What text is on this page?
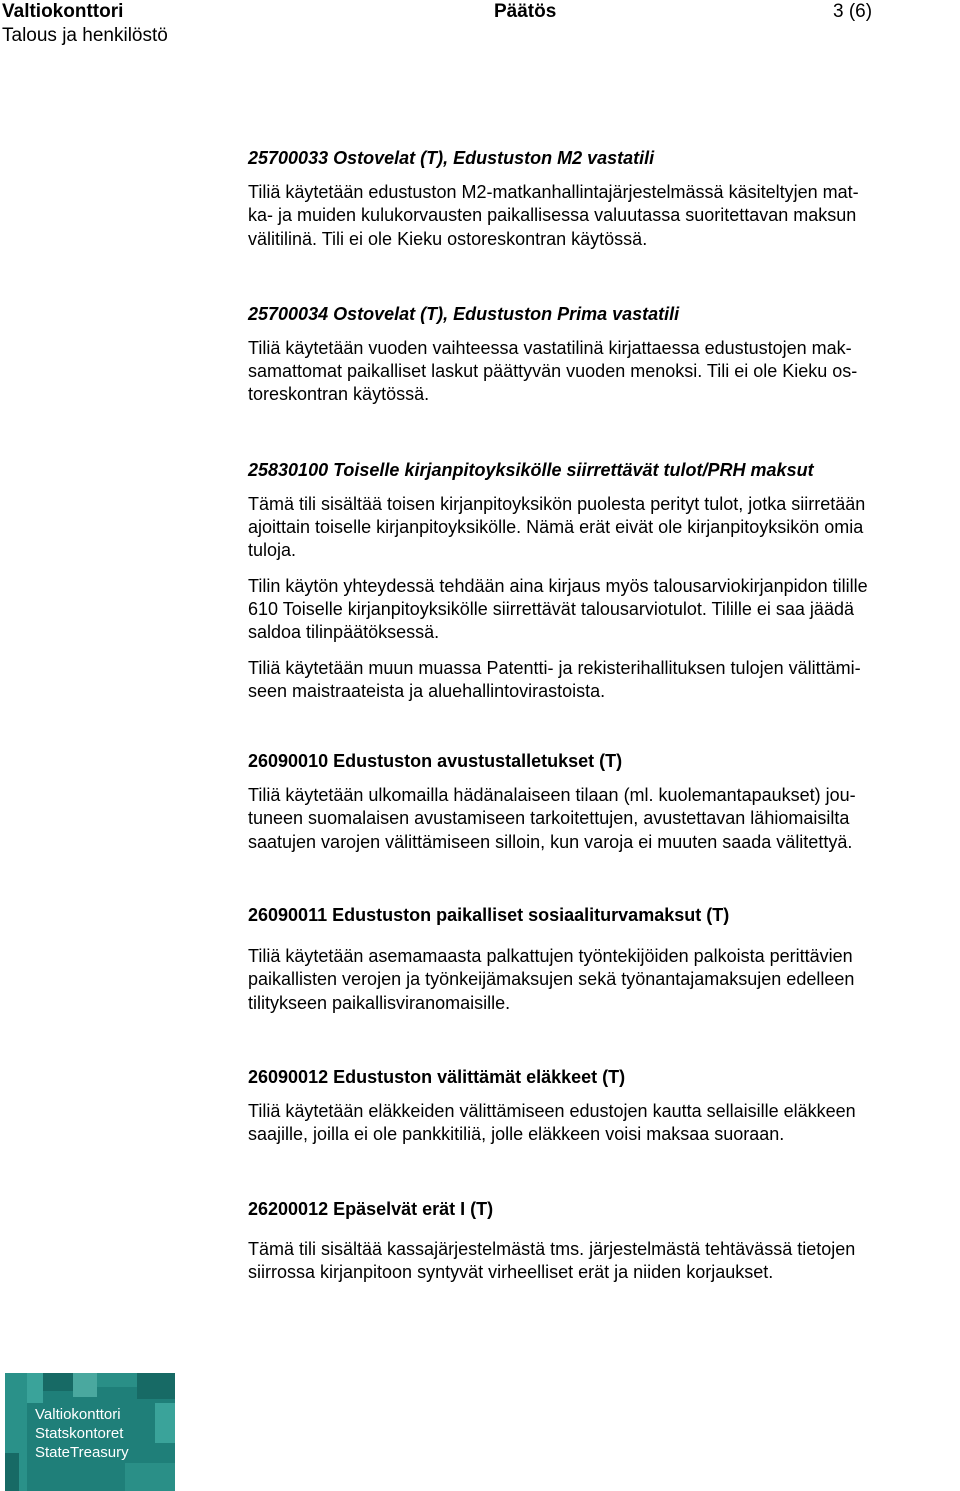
Valtiokonttori	Päätös	3 (6)
Talous ja henkilöstö
25700033 Ostovelat (T), Edustuston M2 vastatili

Tiliä käytetään edustuston M2-matkanhallintajärjestelmässä käsiteltyjen mat-
ka- ja muiden kulukorvausten paikallisessa valuutassa suoritettavan maksun
välitilinä. Tili ei ole Kieku ostoreskontran käytössä.

25700034 Ostovelat (T), Edustuston Prima vastatili

Tiliä käytetään vuoden vaihteessa vastatilinä kirjattaessa edustustojen mak-
samattomat paikalliset laskut päättyvän vuoden menoksi. Tili ei ole Kieku os-
toreskontran käytössä.

25830100 Toiselle kirjanpitoyksikölle siirrettävät tulot/PRH maksut

Tämä tili sisältää toisen kirjanpitoyksikön puolesta perityt tulot, jotka siirretään
ajoittain toiselle kirjanpitoyksikölle. Nämä erät eivät ole kirjanpitoyksikön omia
tuloja.

Tilin käytön yhteydessä tehdään aina kirjaus myös talousarviokirjanpidon tilille
610 Toiselle kirjanpitoyksikölle siirrettävät talousarviotulot. Tilille ei saa jäädä
saldoa tilinpäätöksessä.

Tiliä käytetään muun muassa Patentti- ja rekisterihallituksen tulojen välittämi-
seen maistraateista ja aluehallintovirastoista.

26090010 Edustuston avustustalletukset (T)

Tiliä käytetään ulkomailla hädänalaiseen tilaan (ml. kuolemantapaukset) jou-
tuneen suomalaisen avustamiseen tarkoitettujen, avustettavan lähiomaisilta
saatujen varojen välittämiseen silloin, kun varoja ei muuten saada välitettyä.

26090011 Edustuston paikalliset sosiaaliturvamaksut (T)

Tiliä käytetään asemamaasta palkattujen työntekijöiden palkoista perittävien
paikallisten verojen ja työnkeijämaksujen sekä työnantajamaksujen edelleen
tilitykseen paikallisviranomaisille.

26090012 Edustuston välittämät eläkkeet (T)

Tiliä käytetään eläkkeiden välittämiseen edustojen kautta sellaisille eläkkeen
saajille, joilla ei ole pankkitiliä, jolle eläkkeen voisi maksaa suoraan.

26200012 Epäselvät erät I (T)

Tämä tili sisältää kassajärjestelmästä tms. järjestelmästä tehtävässä tietojen
siirrossa kirjanpitoon syntyvät virheelliset erät ja niiden korjaukset.

Valtiokonttori
Statskontoret
StateTreasury
